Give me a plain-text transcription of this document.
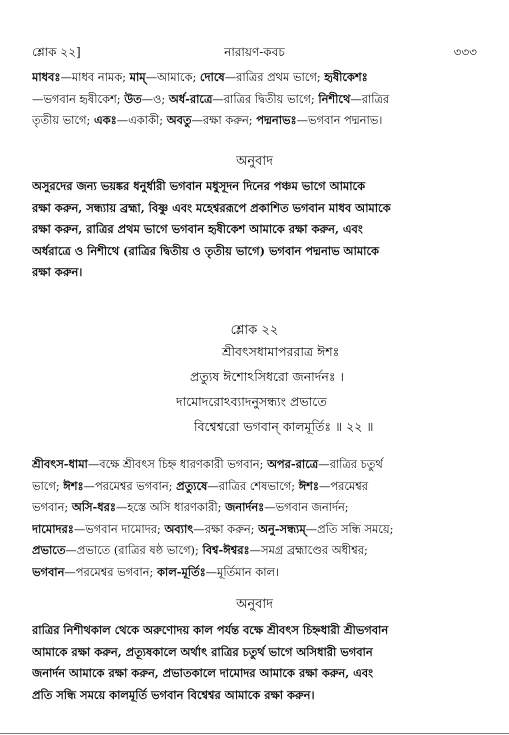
শ্লোক ২২]	নারায়ণ-কবচ	৩৩৩
মাধবঃ—মাধব নামক; মাম্—আমাকে; দোষে—রাত্রির প্রথম ভাগে; হৃষীকেশঃ
—ভগবান হৃষীকেশ; উত—ও; অর্ধ-রাত্রে—রাত্রির দ্বিতীয় ভাগে; নিশীথে—রাত্রির
তৃতীয় ভাগে; একঃ—একাকী; অবতু—রক্ষা করুন; পদ্মনাভঃ—ভগবান পদ্মনাভ।
অনুবাদ
অসুরদের জন্য ভয়ঙ্কর ধনুর্ধারী ভগবান মধুসূদন দিনের পঞ্চম ভাগে আমাকে
রক্ষা করুন, সন্ধ্যায় ব্রহ্মা, বিষ্ণু এবং মহেশ্বররূপে প্রকাশিত ভগবান মাধব আমাকে
রক্ষা করুন, রাত্রির প্রথম ভাগে ভগবান হৃষীকেশ আমাকে রক্ষা করুন, এবং
অর্ধরাত্রে ও নিশীথে (রাত্রির দ্বিতীয় ও তৃতীয় ভাগে) ভগবান পদ্মনাভ আমাকে
রক্ষা করুন।
শ্লোক ২২
শ্রীবৎসধামাপররাত্র ঈশঃ
প্রত্যুষ ঈশোঽসিধরো জনার্দনঃ ।
দামোদরোঽব্যাদনুসন্ধ্যং প্রভাতে
বিশ্বেশ্বরো ভগবান্ কালমূর্তিঃ ॥ ২২ ॥
শ্রীবৎস-ধামা—বক্ষে শ্রীবৎস চিহ্ন ধারণকারী ভগবান; অপর-রাত্রে—রাত্রির চতুর্থ
ভাগে; ঈশঃ—পরমেশ্বর ভগবান; প্রত্যুষে—রাত্রির শেষভাগে; ঈশঃ—পরমেশ্বর
ভগবান; অসি-ধরঃ—হস্তে অসি ধারণকারী; জনার্দনঃ—ভগবান জনার্দন;
দামোদরঃ—ভগবান দামোদর; অব্যাৎ—রক্ষা করুন; অনু-সন্ধ্যম্—প্রতি সন্ধি সময়ে;
প্রভাতে—প্রভাতে (রাত্রির ষষ্ঠ ভাগে); বিশ্ব-ঈশ্বরঃ—সমগ্র ব্রহ্মাণ্ডের অধীশ্বর;
ভগবান—পরমেশ্বর ভগবান; কাল-মূর্তিঃ—মূর্তিমান কাল।
অনুবাদ
রাত্রির নিশীথকাল থেকে অরুণোদয় কাল পর্যন্ত বক্ষে শ্রীবৎস চিহ্নধারী শ্রীভগবান
আমাকে রক্ষা করুন, প্রত্যূষকালে অর্থাৎ রাত্রির চতুর্থ ভাগে অসিধারী ভগবান
জনার্দন আমাকে রক্ষা করুন, প্রভাতকালে দামোদর আমাকে রক্ষা করুন, এবং
প্রতি সন্ধি সময়ে কালমূর্তি ভগবান বিশ্বেশ্বর আমাকে রক্ষা করুন।
